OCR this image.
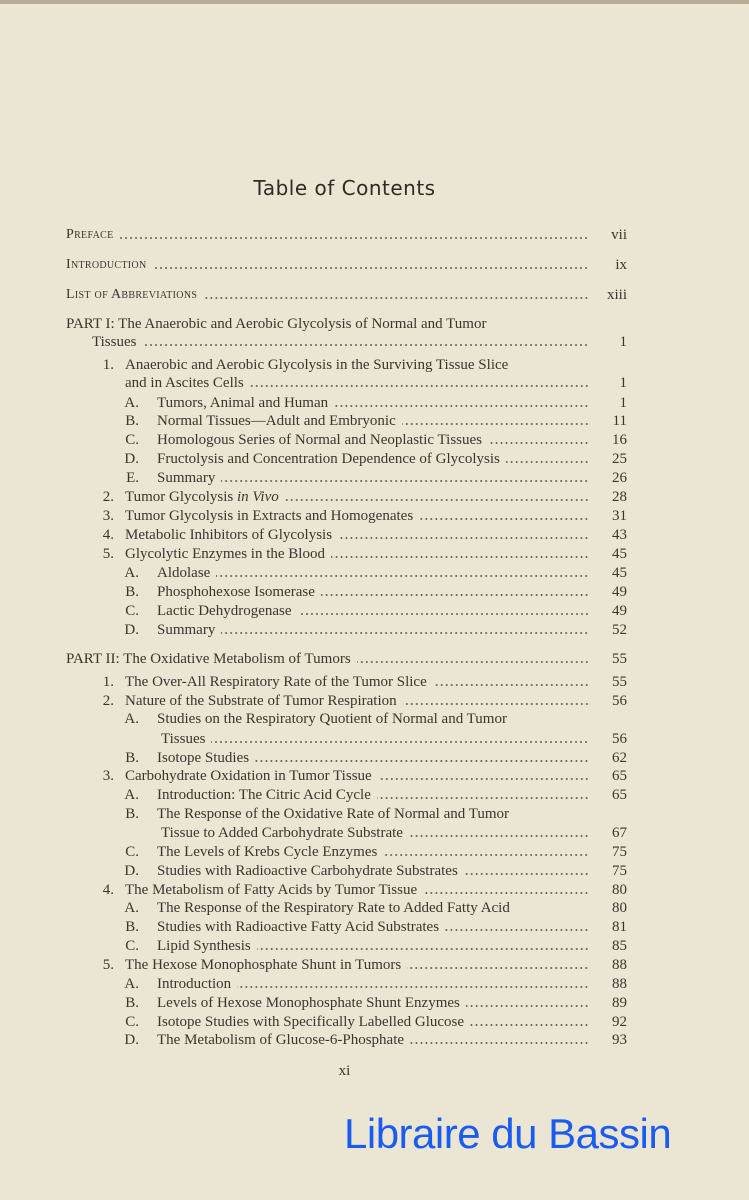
Table of Contents
Preface	vii
Introduction	ix
List of Abbreviations	xiii
PART I: The Anaerobic and Aerobic Glycolysis of Normal and Tumor
Tissues	1
1. Anaerobic and Aerobic Glycolysis in the Surviving Tissue Slice
and in Ascites Cells	1
A. Tumors, Animal and Human	1
B. Normal Tissues—Adult and Embryonic	11
C. Homologous Series of Normal and Neoplastic Tissues	16
D. Fructolysis and Concentration Dependence of Glycolysis	25
E. Summary	26
2. Tumor Glycolysis in Vivo	28
3. Tumor Glycolysis in Extracts and Homogenates	31
4. Metabolic Inhibitors of Glycolysis	43
5. Glycolytic Enzymes in the Blood	45
A. Aldolase	45
B. Phosphohexose Isomerase	49
C. Lactic Dehydrogenase	49
D. Summary	52
PART II: The Oxidative Metabolism of Tumors	55
1. The Over-All Respiratory Rate of the Tumor Slice	55
2. Nature of the Substrate of Tumor Respiration	56
A. Studies on the Respiratory Quotient of Normal and Tumor
Tissues	56
B. Isotope Studies	62
3. Carbohydrate Oxidation in Tumor Tissue	65
A. Introduction: The Citric Acid Cycle	65
B. The Response of the Oxidative Rate of Normal and Tumor
Tissue to Added Carbohydrate Substrate	67
C. The Levels of Krebs Cycle Enzymes	75
D. Studies with Radioactive Carbohydrate Substrates	75
4. The Metabolism of Fatty Acids by Tumor Tissue	80
A. The Response of the Respiratory Rate to Added Fatty Acid	80
B. Studies with Radioactive Fatty Acid Substrates	81
C. Lipid Synthesis	85
5. The Hexose Monophosphate Shunt in Tumors	88
A. Introduction	88
B. Levels of Hexose Monophosphate Shunt Enzymes	89
C. Isotope Studies with Specifically Labelled Glucose	92
D. The Metabolism of Glucose-6-Phosphate	93
xi
Libraire du Bassin
